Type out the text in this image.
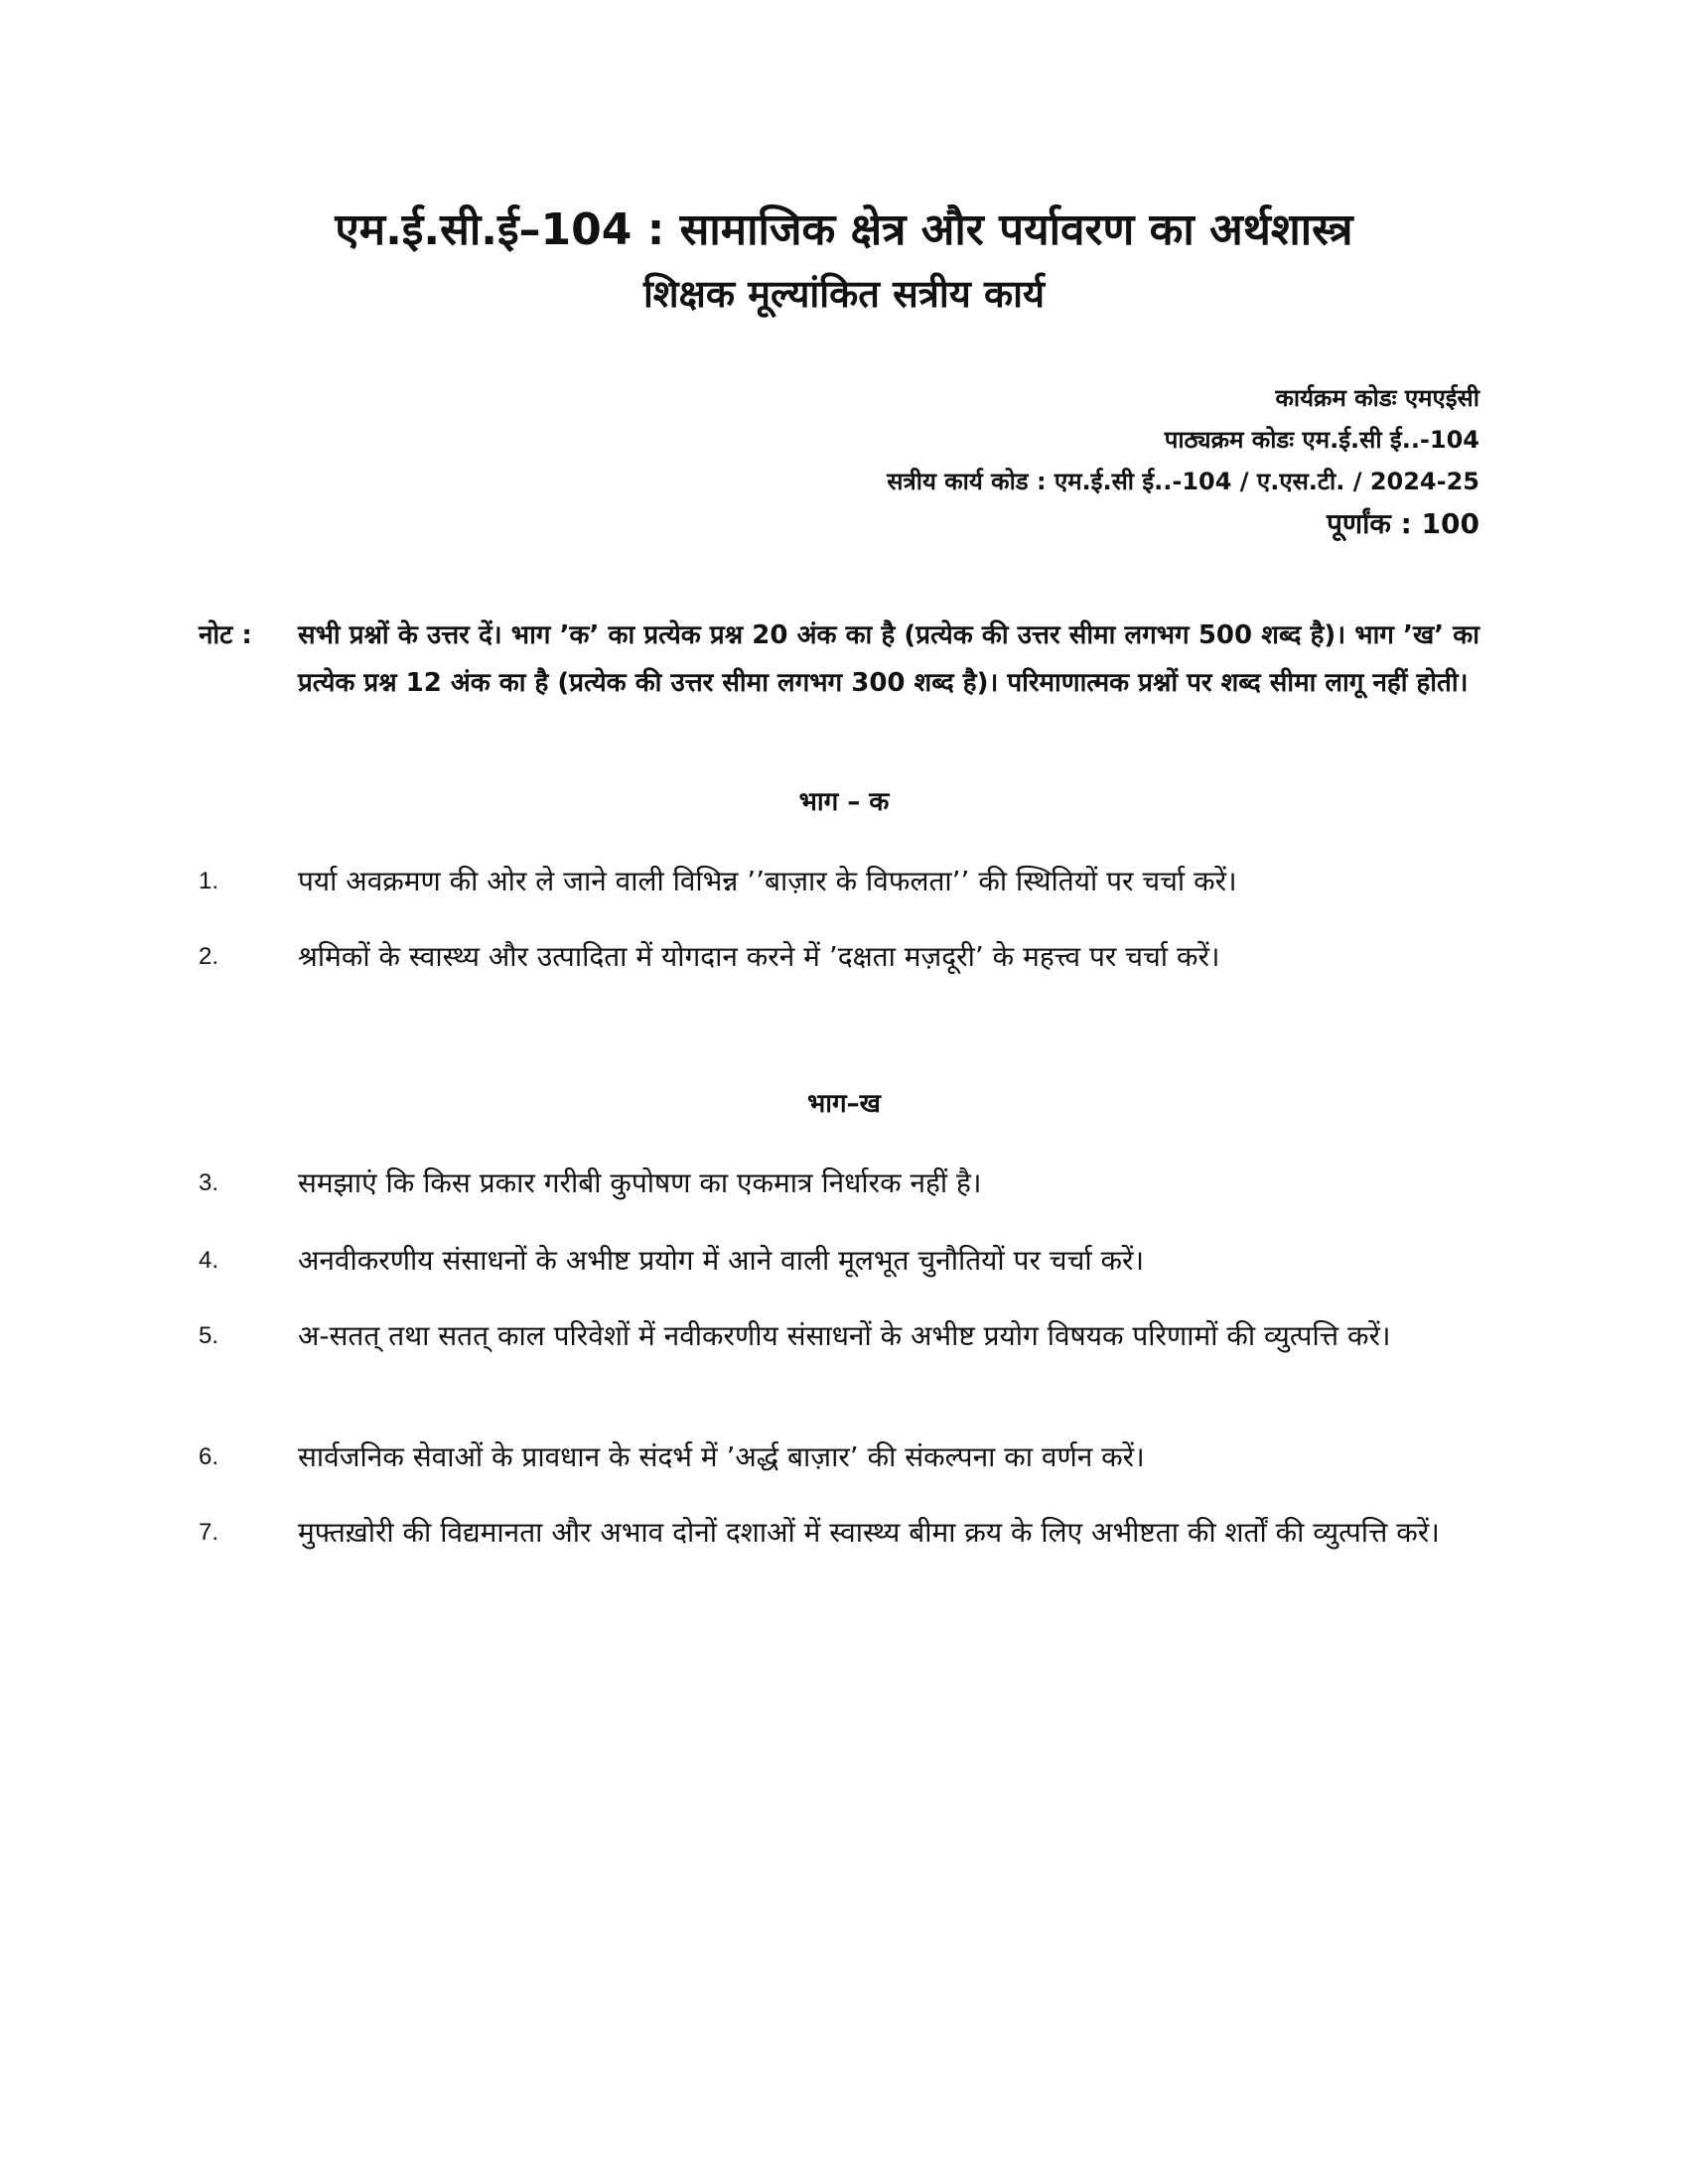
एम.ई.सी.ई–104 : सामाजिक क्षेत्र और पर्यावरण का अर्थशास्त्र
शिक्षक मूल्यांकित सत्रीय कार्य
कार्यक्रम कोडः एमएईसी
पाठ्यक्रम कोडः एम.ई.सी ई..-104
सत्रीय कार्य कोड : एम.ई.सी ई..-104 / ए.एस.टी. / 2024-25
पूर्णांक : 100
नोट : सभी प्रश्नों के उत्तर दें। भाग ’क’ का प्रत्येक प्रश्न 20 अंक का है (प्रत्येक की उत्तर सीमा लगभग 500 शब्द है)। भाग ’ख’ का प्रत्येक प्रश्न 12 अंक का है (प्रत्येक की उत्तर सीमा लगभग 300 शब्द है)। परिमाणात्मक प्रश्नों पर शब्द सीमा लागू नहीं होती।
भाग – क
1.	पर्या अवक्रमण की ओर ले जाने वाली विभिन्न ’’बाज़ार के विफलता’’ की स्थितियों पर चर्चा करें।
2.	श्रमिकों के स्वास्थ्य और उत्पादिता में योगदान करने में ’दक्षता मज़दूरी’ के महत्त्व पर चर्चा करें।
भाग–ख
3.	समझाएं कि किस प्रकार गरीबी कुपोषण का एकमात्र निर्धारक नहीं है।
4.	अनवीकरणीय संसाधनों के अभीष्ट प्रयोग में आने वाली मूलभूत चुनौतियों पर चर्चा करें।
5.	अ-सतत् तथा सतत् काल परिवेशों में नवीकरणीय संसाधनों के अभीष्ट प्रयोग विषयक परिणामों की व्युत्पत्ति करें।
6.	सार्वजनिक सेवाओं के प्रावधान के संदर्भ में ’अर्द्ध बाज़ार’ की संकल्पना का वर्णन करें।
7.	मुफ्तख़ोरी की विद्यमानता और अभाव दोनों दशाओं में स्वास्थ्य बीमा क्रय के लिए अभीष्टता की शर्तों की व्युत्पत्ति करें।
